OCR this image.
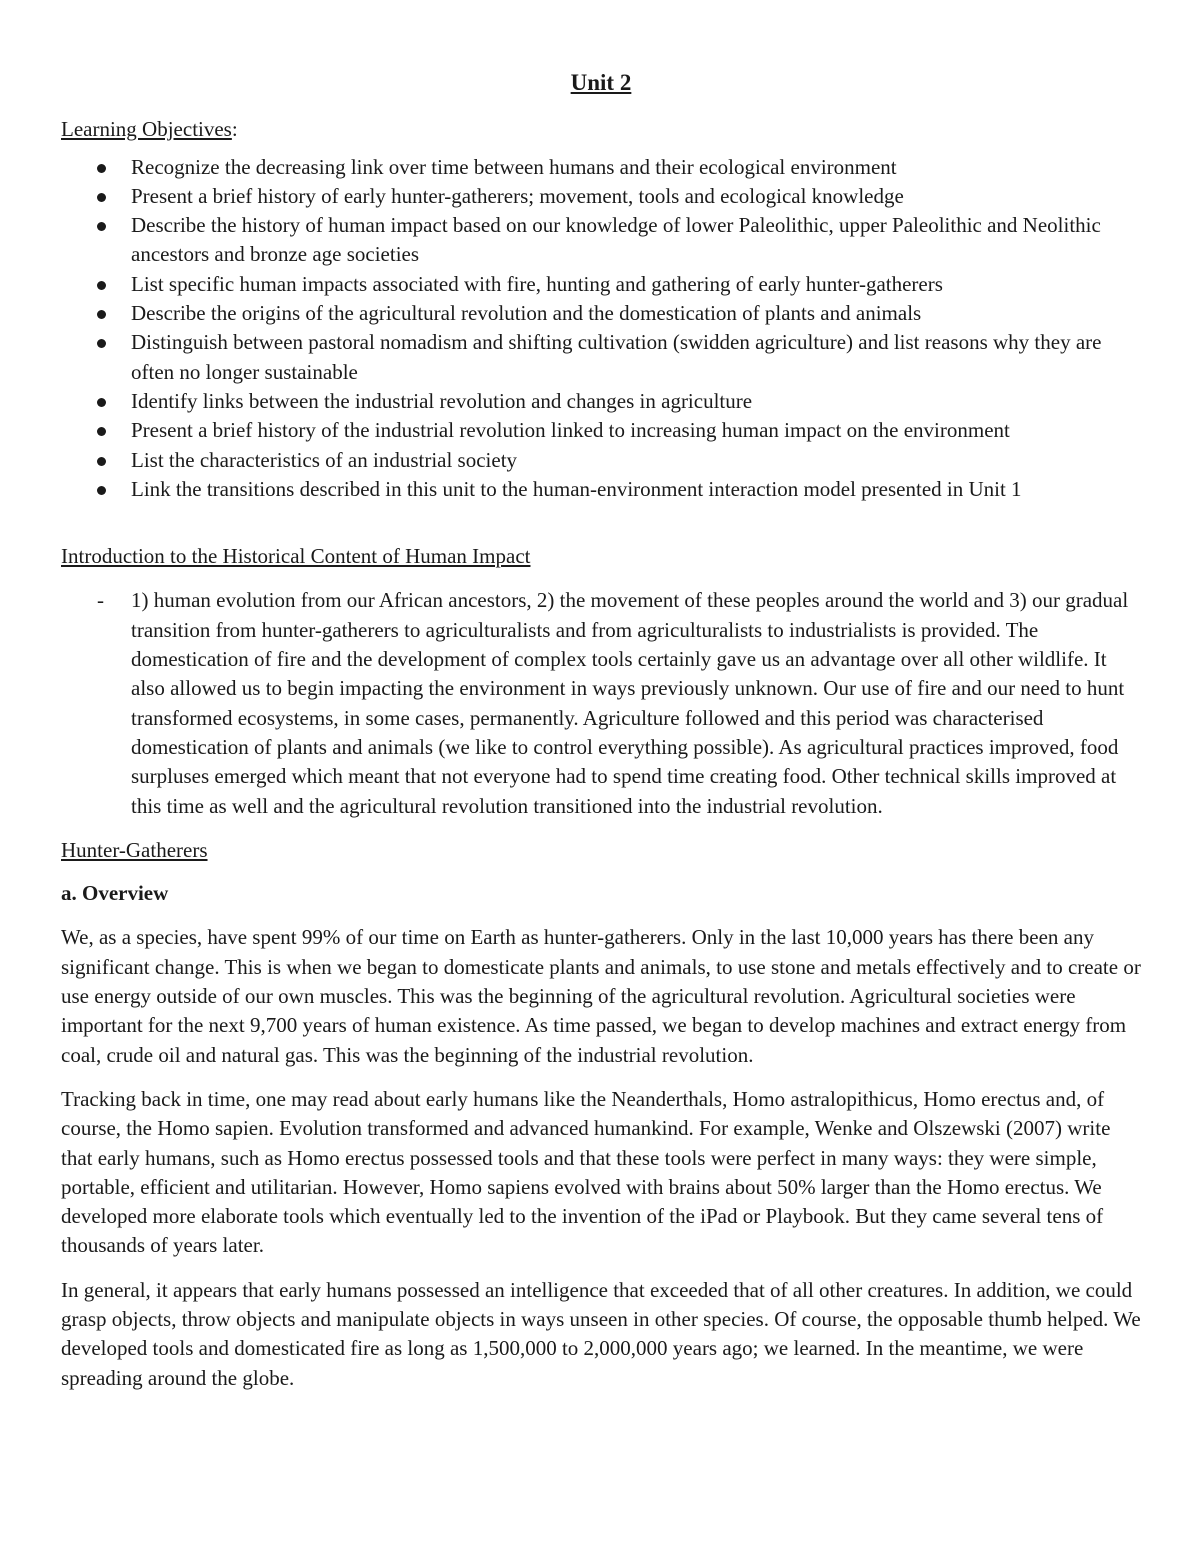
Unit 2
Learning Objectives:
Recognize the decreasing link over time between humans and their ecological environment
Present a brief history of early hunter-gatherers; movement, tools and ecological knowledge
Describe the history of human impact based on our knowledge of lower Paleolithic, upper Paleolithic and Neolithic ancestors and bronze age societies
List specific human impacts associated with fire, hunting and gathering of early hunter-gatherers
Describe the origins of the agricultural revolution and the domestication of plants and animals
Distinguish between pastoral nomadism and shifting cultivation (swidden agriculture) and list reasons why they are often no longer sustainable
Identify links between the industrial revolution and changes in agriculture
Present a brief history of the industrial revolution linked to increasing human impact on the environment
List the characteristics of an industrial society
Link the transitions described in this unit to the human-environment interaction model presented in Unit 1
Introduction to the Historical Content of Human Impact
- 1) human evolution from our African ancestors, 2) the movement of these peoples around the world and 3) our gradual transition from hunter-gatherers to agriculturalists and from agriculturalists to industrialists is provided. The domestication of fire and the development of complex tools certainly gave us an advantage over all other wildlife. It also allowed us to begin impacting the environment in ways previously unknown. Our use of fire and our need to hunt transformed ecosystems, in some cases, permanently. Agriculture followed and this period was characterised domestication of plants and animals (we like to control everything possible). As agricultural practices improved, food surpluses emerged which meant that not everyone had to spend time creating food. Other technical skills improved at this time as well and the agricultural revolution transitioned into the industrial revolution.
Hunter-Gatherers
a. Overview

We, as a species, have spent 99% of our time on Earth as hunter-gatherers. Only in the last 10,000 years has there been any significant change. This is when we began to domesticate plants and animals, to use stone and metals effectively and to create or use energy outside of our own muscles. This was the beginning of the agricultural revolution. Agricultural societies were important for the next 9,700 years of human existence. As time passed, we began to develop machines and extract energy from coal, crude oil and natural gas. This was the beginning of the industrial revolution.

Tracking back in time, one may read about early humans like the Neanderthals, Homo astralopithicus, Homo erectus and, of course, the Homo sapien. Evolution transformed and advanced humankind. For example, Wenke and Olszewski (2007) write that early humans, such as Homo erectus possessed tools and that these tools were perfect in many ways: they were simple, portable, efficient and utilitarian. However, Homo sapiens evolved with brains about 50% larger than the Homo erectus. We developed more elaborate tools which eventually led to the invention of the iPad or Playbook. But they came several tens of thousands of years later.

In general, it appears that early humans possessed an intelligence that exceeded that of all other creatures. In addition, we could grasp objects, throw objects and manipulate objects in ways unseen in other species. Of course, the opposable thumb helped. We developed tools and domesticated fire as long as 1,500,000 to 2,000,000 years ago; we learned. In the meantime, we were spreading around the globe.
